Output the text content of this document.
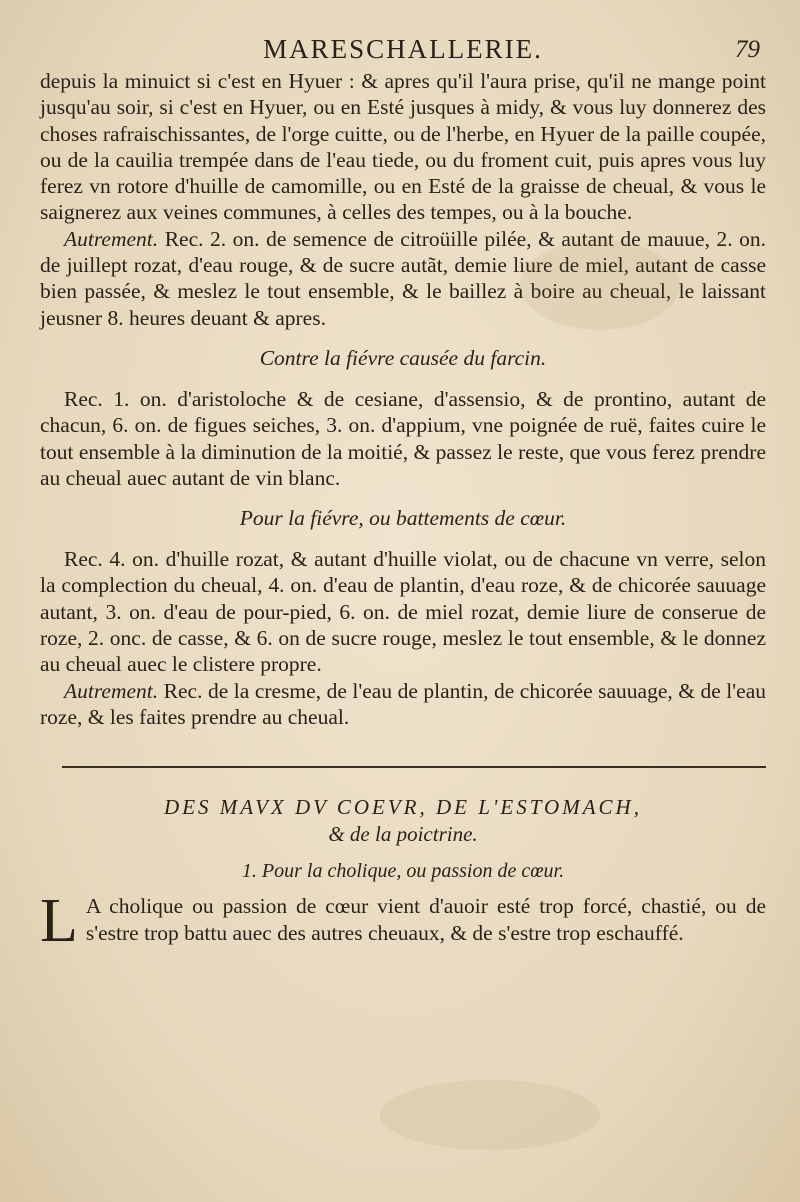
MARESCHALLERIE.	79

depuis la minuict si c'est en Hyuer : & apres qu'il l'aura prise, qu'il ne mange point jusqu'au soir, si c'est en Hyuer, ou en Esté jusques à midy, & vous luy donnerez des choses rafraischissantes, de l'orge cuitte, ou de l'herbe, en Hyuer de la paille coupée, ou de la cauilia trempée dans de l'eau tiede, ou du froment cuit, puis apres vous luy ferez vn rotore d'huille de camomille, ou en Esté de la graisse de cheual, & vous le saignerez aux veines communes, à celles des tempes, ou à la bouche.

Autrement. Rec. 2. on. de semence de citroüille pilée, & autant de mauue, 2. on. de juillept rozat, d'eau rouge, & de sucre autãt, demie liure de miel, autant de casse bien passée, & meslez le tout ensemble, & le baillez à boire au cheual, le laissant jeusner 8. heures deuant & apres.

Contre la fiévre causée du farcin.

Rec. 1. on. d'aristoloche & de cesiane, d'assensio, & de prontino, autant de chacun, 6. on. de figues seiches, 3. on. d'appium, vne poignée de ruë, faites cuire le tout ensemble à la diminution de la moitié, & passez le reste, que vous ferez prendre au cheual auec autant de vin blanc.

Pour la fiévre, ou battements de cœur.

Rec. 4. on. d'huille rozat, & autant d'huille violat, ou de chacune vn verre, selon la complection du cheual, 4. on. d'eau de plantin, d'eau roze, & de chicorée sauuage autant, 3. on. d'eau de pour-pied, 6. on. de miel rozat, demie liure de conserue de roze, 2. onc. de casse, & 6. on de sucre rouge, meslez le tout ensemble, & le donnez au cheual auec le clistere propre.

Autrement. Rec. de la cresme, de l'eau de plantin, de chicorée sauuage, & de l'eau roze, & les faites prendre au cheual.

DES MAVX DV COEVR, DE L'ESTOMACH,
& de la poictrine.
1. Pour la cholique, ou passion de cœur.

L A cholique ou passion de cœur vient d'auoir esté trop forcé, chastié, ou de s'estre trop battu auec des autres cheuaux, & de s'estre trop eschauffé.
